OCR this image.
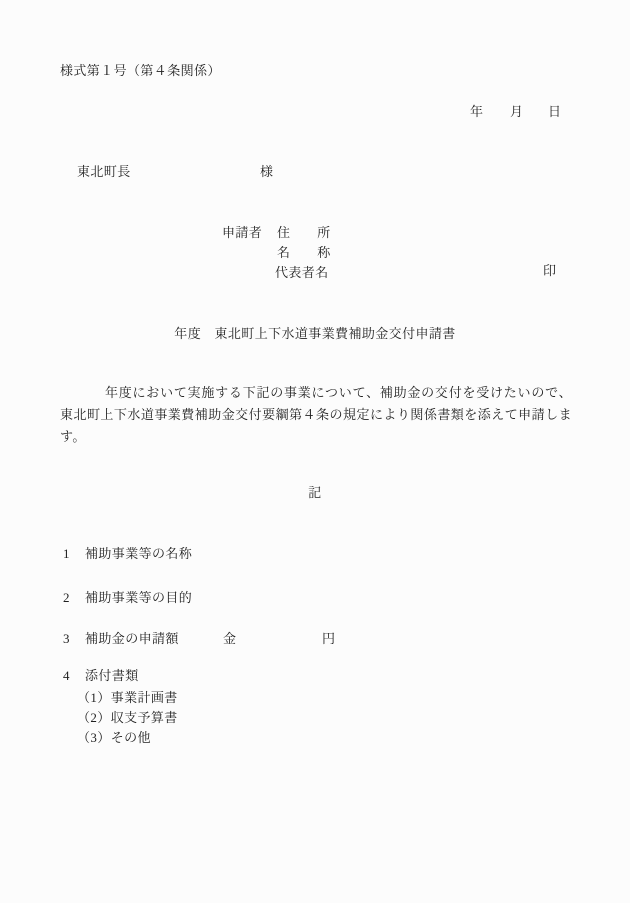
様式第１号（第４条関係）
年 月 日
東北町長	様
申請者 住　　所
名　　称
代表者名	印
年度　東北町上下水道事業費補助金交付申請書
年度において実施する下記の事業について、補助金の交付を受けたいので、東北町上下水道事業費補助金交付要綱第４条の規定により関係書類を添えて申請します。
記
1 補助事業等の名称
2 補助事業等の目的
3 補助金の申請額	金	円
4 添付書類
（1）事業計画書
（2）収支予算書
（3）その他
